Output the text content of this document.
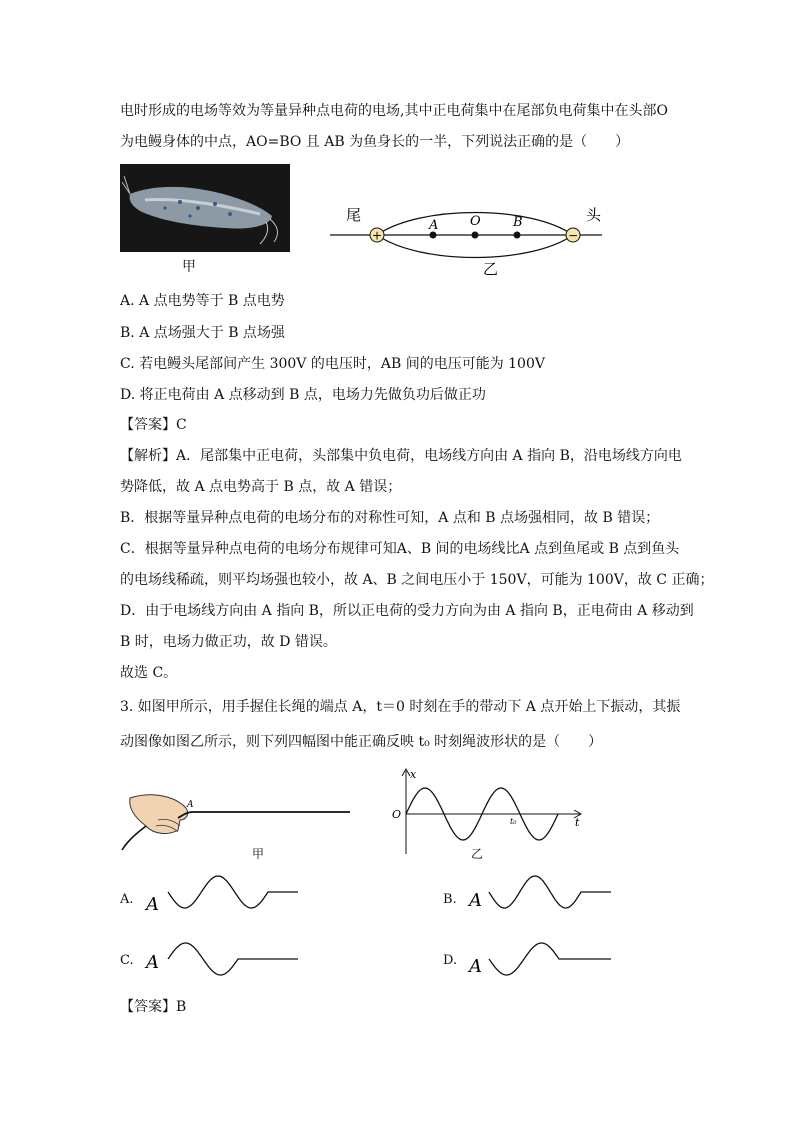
电时形成的电场等效为等量异种点电荷的电场,其中正电荷集中在尾部负电荷集中在头部O
为电鳗身体的中点，AO=BO 且 AB 为鱼身长的一半，下列说法正确的是（　　）
甲
+	−
尾	头
A O B
乙
A. A 点电势等于 B 点电势
B. A 点场强大于 B 点场强
C. 若电鳗头尾部间产生 300V 的电压时，AB 间的电压可能为 100V
D. 将正电荷由 A 点移动到 B 点，电场力先做负功后做正功
【答案】C
【解析】A．尾部集中正电荷，头部集中负电荷，电场线方向由 A 指向 B，沿电场线方向电
势降低，故 A 点电势高于 B 点，故 A 错误；
B．根据等量异种点电荷的电场分布的对称性可知，A 点和 B 点场强相同，故 B 错误；
C．根据等量异种点电荷的电场分布规律可知A、B 间的电场线比A 点到鱼尾或 B 点到鱼头
的电场线稀疏，则平均场强也较小，故 A、B 之间电压小于 150V，可能为 100V，故 C 正确；
D．由于电场线方向由 A 指向 B，所以正电荷的受力方向为由 A 指向 B，正电荷由 A 移动到
B 时，电场力做正功，故 D 错误。
故选 C。
3. 如图甲所示，用手握住长绳的端点 A，t＝0 时刻在手的带动下 A 点开始上下振动，其振
动图像如图乙所示，则下列四幅图中能正确反映 t₀ 时刻绳波形状的是（　　）
A
甲
x
t
O
t₀
乙
A. A	B. A
C. A	D. A
【答案】B
